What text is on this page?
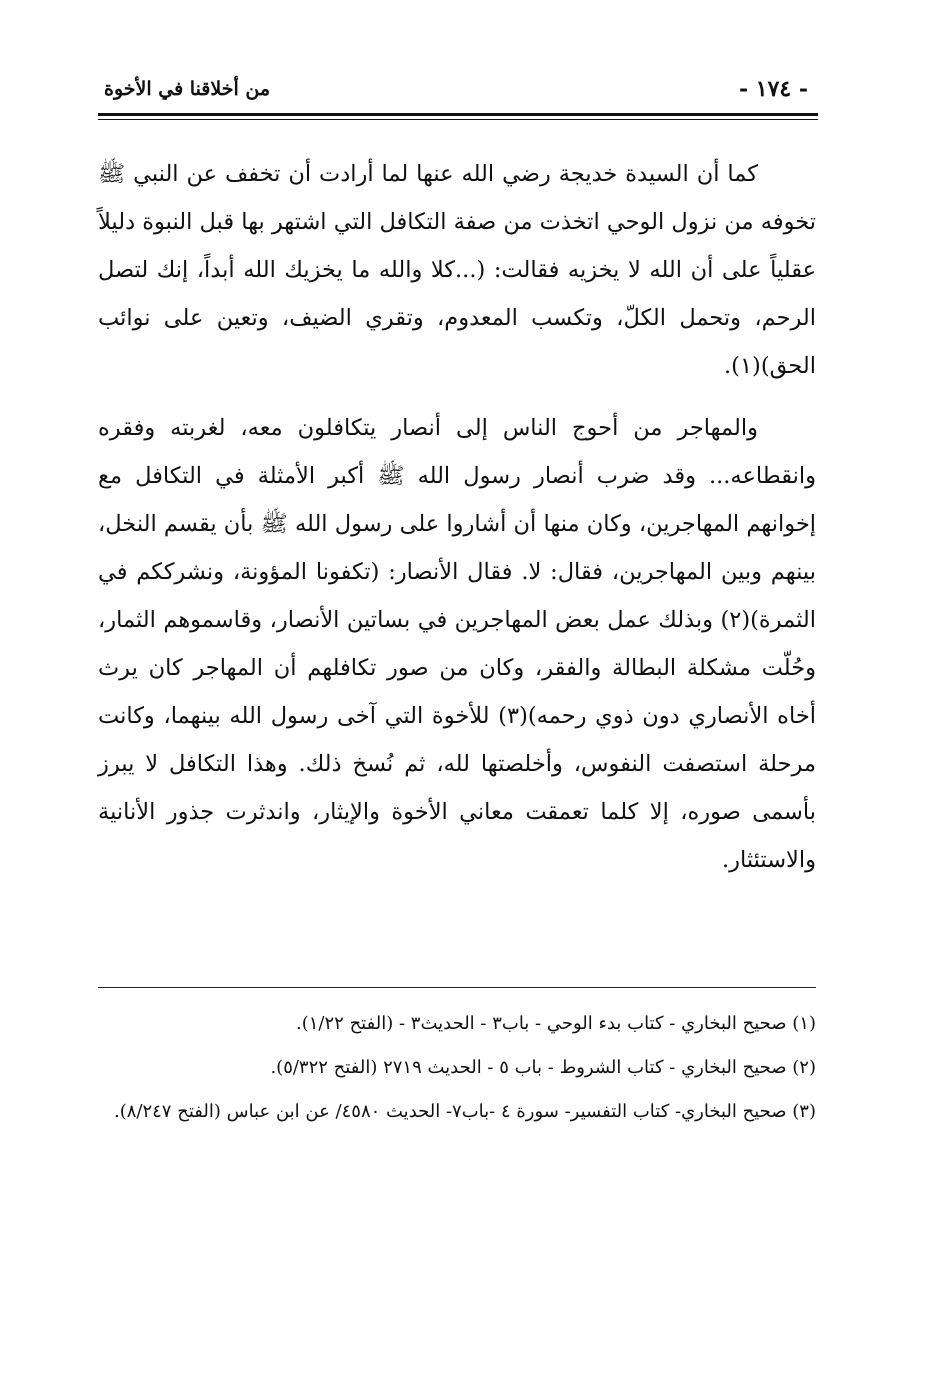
- ١٧٤ -
من أخلاقنا في الأخوة

كما أن السيدة خديجة رضي الله عنها لما أرادت أن تخفف عن النبي ﷺ تخوفه من نزول الوحي اتخذت من صفة التكافل التي اشتهر بها قبل النبوة دليلاً عقلياً على أن الله لا يخزيه فقالت: (...كلا والله ما يخزيك الله أبداً، إنك لتصل الرحم، وتحمل الكلّ، وتكسب المعدوم، وتقري الضيف، وتعين على نوائب الحق)(١).

والمهاجر من أحوج الناس إلى أنصار يتكافلون معه، لغربته وفقره وانقطاعه... وقد ضرب أنصار رسول الله ﷺ أكبر الأمثلة في التكافل مع إخوانهم المهاجرين، وكان منها أن أشاروا على رسول الله ﷺ بأن يقسم النخل، بينهم وبين المهاجرين، فقال: لا. فقال الأنصار: (تكفونا المؤونة، ونشرككم في الثمرة)(٢) وبذلك عمل بعض المهاجرين في بساتين الأنصار، وقاسموهم الثمار، وحُلّت مشكلة البطالة والفقر، وكان من صور تكافلهم أن المهاجر كان يرث أخاه الأنصاري دون ذوي رحمه)(٣) للأخوة التي آخى رسول الله بينهما، وكانت مرحلة استصفت النفوس، وأخلصتها لله، ثم نُسخ ذلك. وهذا التكافل لا يبرز بأسمى صوره، إلا كلما تعمقت معاني الأخوة والإيثار، واندثرت جذور الأنانية والاستئثار.

(١) صحيح البخاري - كتاب بدء الوحي - باب٣ - الحديث٣ - (الفتح ١/٢٢).

(٢) صحيح البخاري - كتاب الشروط - باب ٥ - الحديث ٢٧١٩ (الفتح ٥/٣٢٢).

(٣) صحيح البخاري- كتاب التفسير- سورة ٤ -باب٧- الحديث ٤٥٨٠/ عن ابن عباس (الفتح ٨/٢٤٧).
